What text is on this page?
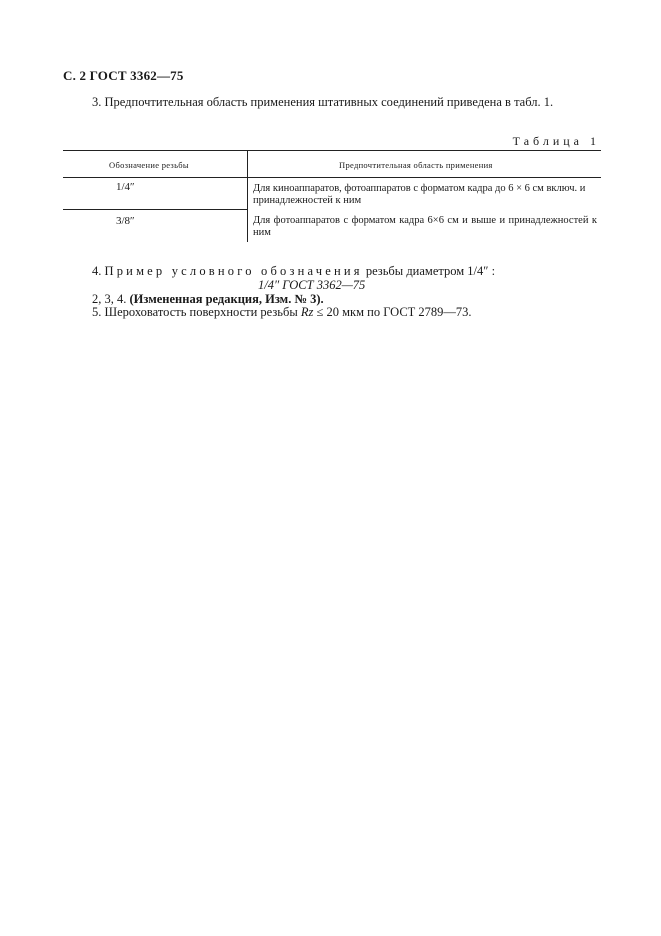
С. 2 ГОСТ 3362—75
3. Предпочтительная область применения штативных соединений приведена в табл. 1.
Таблица 1
Обозначение резьбы	Предпочтительная область применения
1/4″	Для киноаппаратов, фотоаппаратов с форматом кадра до 6 × 6 см включ. и принадлежностей к ним
3/8″	Для фотоаппаратов с форматом кадра 6×6 см и выше и принадлежностей к ним
4. Пример условного обозначения резьбы диаметром 1/4″ :
1/4″ ГОСТ 3362—75
2, 3, 4. (Измененная редакция, Изм. № 3).
5. Шероховатость поверхности резьбы Rz ≤ 20 мкм по ГОСТ 2789—73.
